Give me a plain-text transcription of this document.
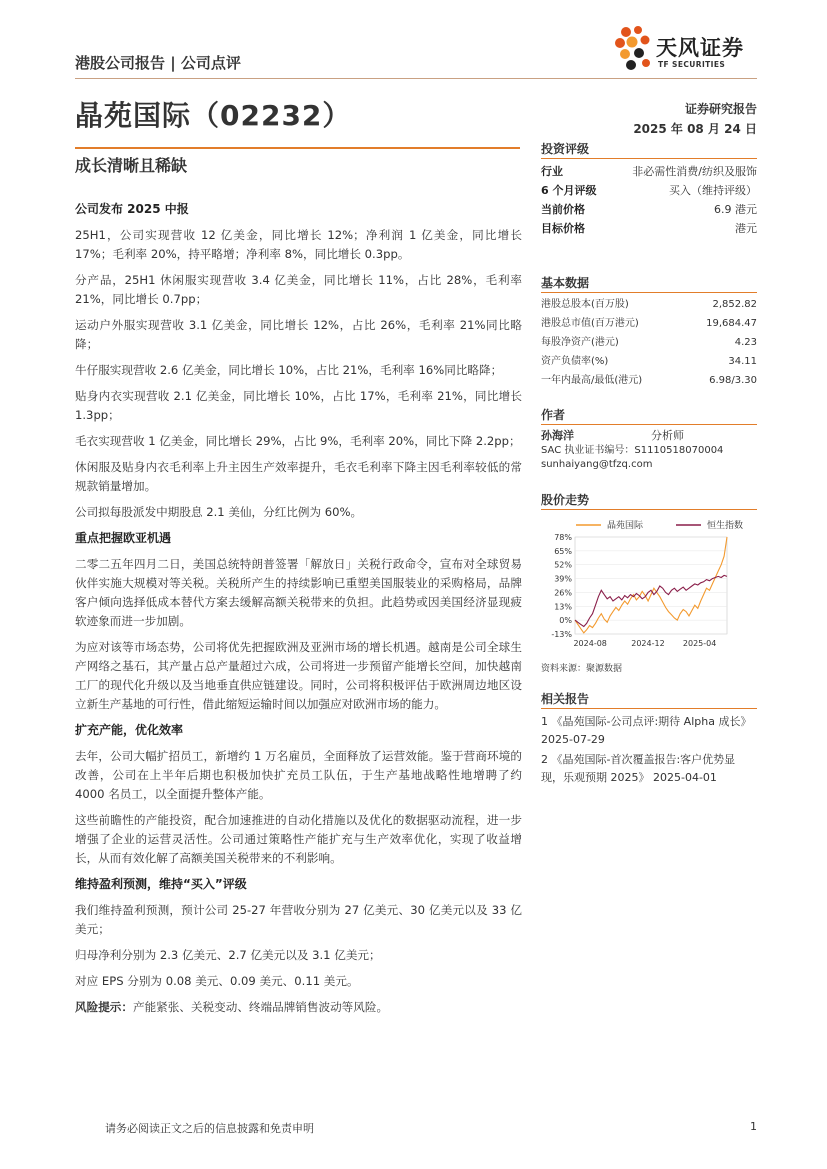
港股公司报告 | 公司点评
天风证券
TF SECURITIES
晶苑国际（02232）	证券研究报告
2025 年 08 月 24 日
成长清晰且稀缺
公司发布 2025 中报

25H1，公司实现营收 12 亿美金，同比增长 12%；净利润 1 亿美金，同比增长 17%；毛利率 20%，持平略增；净利率 8%，同比增长 0.3pp。

分产品，25H1 休闲服实现营收 3.4 亿美金，同比增长 11%，占比 28%，毛利率 21%，同比增长 0.7pp；

运动户外服实现营收 3.1 亿美金，同比增长 12%，占比 26%，毛利率 21%同比略降；

牛仔服实现营收 2.6 亿美金，同比增长 10%，占比 21%，毛利率 16%同比略降；

贴身内衣实现营收 2.1 亿美金，同比增长 10%，占比 17%，毛利率 21%，同比增长 1.3pp；

毛衣实现营收 1 亿美金，同比增长 29%，占比 9%，毛利率 20%，同比下降 2.2pp；

休闲服及贴身内衣毛利率上升主因生产效率提升，毛衣毛利率下降主因毛利率较低的常规款销量增加。

公司拟每股派发中期股息 2.1 美仙，分红比例为 60%。

重点把握欧亚机遇

二零二五年四月二日，美国总统特朗普签署「解放日」关税行政命令，宣布对全球贸易伙伴实施大规模对等关税。关税所产生的持续影响已重塑美国服装业的采购格局，品牌客户倾向选择低成本替代方案去缓解高额关税带来的负担。此趋势或因美国经济显现疲软迹象而进一步加剧。

为应对该等市场态势，公司将优先把握欧洲及亚洲市场的增长机遇。越南是公司全球生产网络之基石，其产量占总产量超过六成，公司将进一步预留产能增长空间，加快越南工厂的现代化升级以及当地垂直供应链建设。同时，公司将积极评估于欧洲周边地区设立新生产基地的可行性，借此缩短运输时间以加强应对欧洲市场的能力。

扩充产能，优化效率

去年，公司大幅扩招员工，新增约 1 万名雇员，全面释放了运营效能。鉴于营商环境的改善，公司在上半年后期也积极加快扩充员工队伍，于生产基地战略性地增聘了约 4000 名员工，以全面提升整体产能。

这些前瞻性的产能投资，配合加速推进的自动化措施以及优化的数据驱动流程，进一步增强了企业的运营灵活性。公司通过策略性产能扩充与生产效率优化，实现了收益增长，从而有效化解了高额美国关税带来的不利影响。

维持盈利预测，维持“买入”评级

我们维持盈利预测，预计公司 25-27 年营收分别为 27 亿美元、30 亿美元以及 33 亿美元；

归母净利分别为 2.3 亿美元、2.7 亿美元以及 3.1 亿美元；

对应 EPS 分别为 0.08 美元、0.09 美元、0.11 美元。

风险提示：产能紧张、关税变动、终端品牌销售波动等风险。

投资评级
行业	非必需性消费/纺织及服饰
6 个月评级	买入（维持评级）
当前价格	6.9 港元
目标价格	港元
基本数据
港股总股本(百万股)	2,852.82
港股总市值(百万港元)	19,684.47
每股净资产(港元)	4.23
资产负债率(%)	34.11
一年内最高/最低(港元)	6.98/3.30
作者
孙海洋	分析师
SAC 执业证书编号：S1110518070004
sunhaiyang@tfzq.com
股价走势
晶苑国际	恒生指数
78%
65%
52%
39%
26%
13%
0%
-13%
2024-08	2024-12 2025-04
资料来源：聚源数据
相关报告
1 《晶苑国际-公司点评:期待 Alpha 成长》 2025-07-29
2 《晶苑国际-首次覆盖报告:客户优势显现，乐观预期 2025》 2025-04-01
请务必阅读正文之后的信息披露和免责申明	1
